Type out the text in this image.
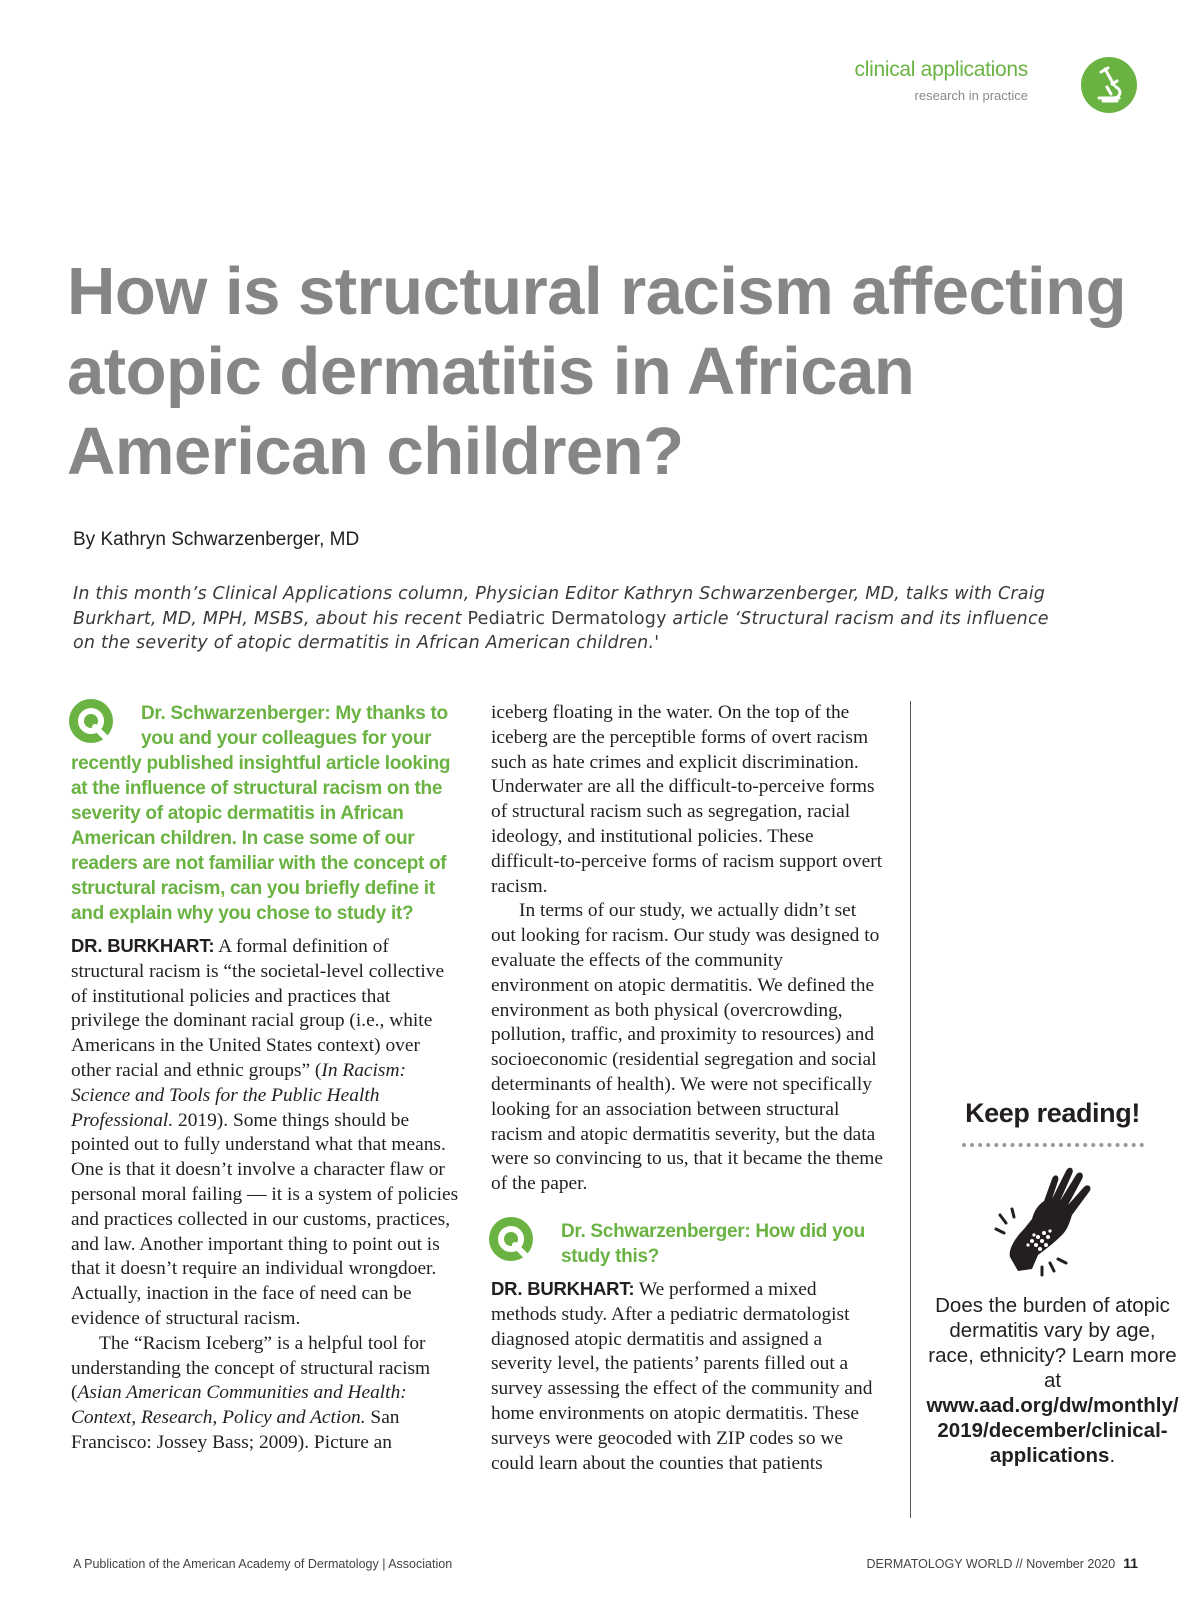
clinical applications
research in practice
How is structural racism affecting atopic dermatitis in African American children?
By Kathryn Schwarzenberger, MD
In this month’s Clinical Applications column, Physician Editor Kathryn Schwarzenberger, MD, talks with Craig Burkhart, MD, MPH, MSBS, about his recent Pediatric Dermatology article ‘Structural racism and its influence on the severity of atopic dermatitis in African American children.'
Dr. Schwarzenberger: My thanks to you and your colleagues for your recently published insightful article looking at the influence of structural racism on the severity of atopic dermatitis in African American children. In case some of our readers are not familiar with the concept of structural racism, can you briefly define it and explain why you chose to study it?

DR. BURKHART: A formal definition of structural racism is “the societal-level collective of institutional policies and practices that privilege the dominant racial group (i.e., white Americans in the United States context) over other racial and ethnic groups” (In Racism: Science and Tools for the Public Health Professional. 2019). Some things should be pointed out to fully understand what that means. One is that it doesn’t involve a character flaw or personal moral failing — it is a system of policies and practices collected in our customs, practices, and law. Another important thing to point out is that it doesn’t require an individual wrongdoer. Actually, inaction in the face of need can be evidence of structural racism.

The “Racism Iceberg” is a helpful tool for understanding the concept of structural racism (Asian American Communities and Health: Context, Research, Policy and Action. San Francisco: Jossey Bass; 2009). Picture an

iceberg floating in the water. On the top of the iceberg are the perceptible forms of overt racism such as hate crimes and explicit discrimination. Underwater are all the difficult-to-perceive forms of structural racism such as segregation, racial ideology, and institutional policies. These difficult-to-perceive forms of racism support overt racism.

In terms of our study, we actually didn’t set out looking for racism. Our study was designed to evaluate the effects of the community environment on atopic dermatitis. We defined the environment as both physical (overcrowding, pollution, traffic, and proximity to resources) and socioeconomic (residential segregation and social determinants of health). We were not specifically looking for an association between structural racism and atopic dermatitis severity, but the data were so convincing to us, that it became the theme of the paper.

Dr. Schwarzenberger: How did you study this?

DR. BURKHART: We performed a mixed methods study. After a pediatric dermatologist diagnosed atopic dermatitis and assigned a severity level, the patients’ parents filled out a survey assessing the effect of the community and home environments on atopic dermatitis. These surveys were geocoded with ZIP codes so we could learn about the counties that patients

Keep reading!

Does the burden of atopic dermatitis vary by age, race, ethnicity? Learn more at www.aad.org/dw/monthly/2019/december/clinical-applications.

A Publication of the American Academy of Dermatology | Association	DERMATOLOGY WORLD // November 2020 11
